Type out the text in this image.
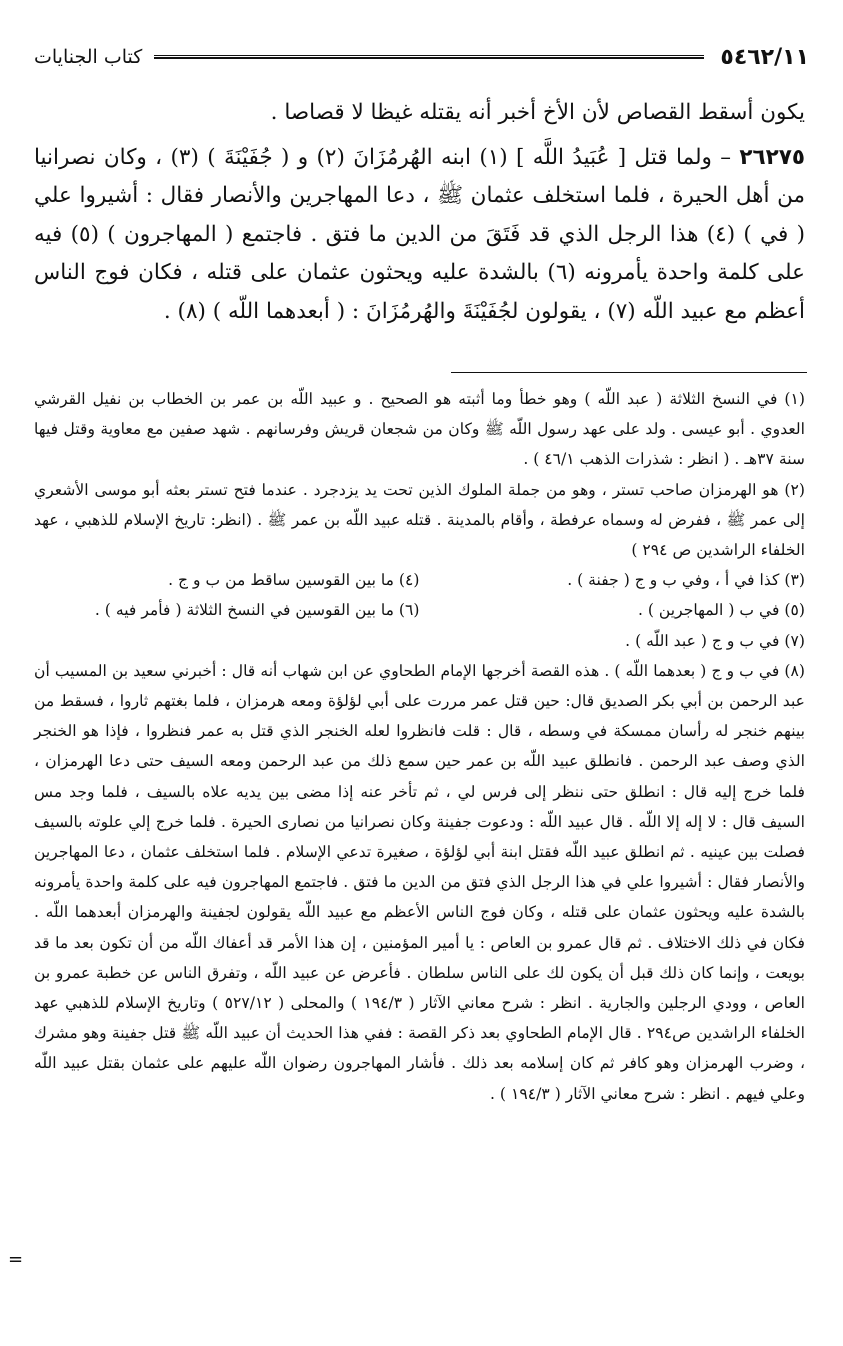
٥٤٦٢/١١
كتاب الجنايات

يكون أسقط القصاص لأن الأخ أخبر أنه يقتله غيظا لا قصاصا .

٢٦٢٧٥ – ولما قتل [ عُبَيدُ اللَّه ] (١) ابنه الهُرمُزَانَ (٢) و ( جُفَيْنَةَ ) (٣) ، وكان نصرانيا من أهل الحيرة ، فلما استخلف عثمان ﷺ ، دعا المهاجرين والأنصار فقال : أشيروا علي ( في ) (٤) هذا الرجل الذي قد فَتَقَ من الدين ما فتق . فاجتمع ( المهاجرون ) (٥) فيه على كلمة واحدة يأمرونه (٦) بالشدة عليه ويحثون عثمان على قتله ، فكان فوج الناس أعظم مع عبيد اللّه (٧) ، يقولون لجُفَيْنَةَ والهُرمُزَانَ : ( أبعدهما اللّه ) (٨) .

(١) في النسخ الثلاثة ( عبد اللّه ) وهو خطأ وما أثبته هو الصحيح . و عبيد اللّه بن عمر بن الخطاب بن نفيل القرشي العدوي . أبو عيسى . ولد على عهد رسول اللّه ﷺ وكان من شجعان قريش وفرسانهم . شهد صفين مع معاوية وقتل فيها سنة ٣٧هـ . ( انظر : شذرات الذهب ٤٦/١ ) .

(٢) هو الهرمزان صاحب تستر ، وهو من جملة الملوك الذين تحت يد يزدجرد . عندما فتح تستر بعثه أبو موسى الأشعري إلى عمر ﷺ ، ففرض له وسماه عرفطة ، وأقام بالمدينة . قتله عبيد اللّه بن عمر ﷺ . (انظر: تاريخ الإسلام للذهبي ، عهد الخلفاء الراشدين ص ٢٩٤ )

(٣) كذا في أ ، وفي ب و ج ( جفنة ) .
(٤) ما بين القوسين ساقط من ب و ج .
(٥) في ب ( المهاجرين ) .
(٦) ما بين القوسين في النسخ الثلاثة ( فأمر فيه ) .

(٧) في ب و ج ( عبد اللّه ) .

(٨) في ب و ج ( بعدهما اللّه ) . هذه القصة أخرجها الإمام الطحاوي عن ابن شهاب أنه قال : أخبرني سعيد بن المسيب أن عبد الرحمن بن أبي بكر الصديق قال: حين قتل عمر مررت على أبي لؤلؤة ومعه هرمزان ، فلما بغتهم ثاروا ، فسقط من بينهم خنجر له رأسان ممسكة في وسطه ، قال : قلت فانظروا لعله الخنجر الذي قتل به عمر فنظروا ، فإذا هو الخنجر الذي وصف عبد الرحمن . فانطلق عبيد اللّه بن عمر حين سمع ذلك من عبد الرحمن ومعه السيف حتى دعا الهرمزان ، فلما خرج إليه قال : انطلق حتى ننظر إلى فرس لي ، ثم تأخر عنه إذا مضى بين يديه علاه بالسيف ، فلما وجد مس السيف قال : لا إله إلا اللّه . قال عبيد اللّه : ودعوت جفينة وكان نصرانيا من نصارى الحيرة . فلما خرج إلي علوته بالسيف فصلت بين عينيه . ثم انطلق عبيد اللّه فقتل ابنة أبي لؤلؤة ، صغيرة تدعي الإسلام . فلما استخلف عثمان ، دعا المهاجرين والأنصار فقال : أشيروا علي في هذا الرجل الذي فتق من الدين ما فتق . فاجتمع المهاجرون فيه على كلمة واحدة يأمرونه بالشدة عليه ويحثون عثمان على قتله ، وكان فوج الناس الأعظم مع عبيد اللّه يقولون لجفينة والهرمزان أبعدهما اللّه . فكان في ذلك الاختلاف . ثم قال عمرو بن العاص : يا أمير المؤمنين ، إن هذا الأمر قد أعفاك اللّه من أن تكون بعد ما قد بويعت ، وإنما كان ذلك قبل أن يكون لك على الناس سلطان . فأعرض عن عبيد اللّه ، وتفرق الناس عن خطبة عمرو بن العاص ، وودي الرجلين والجارية . انظر : شرح معاني الآثار ( ١٩٤/٣ ) والمحلى ( ٥٢٧/١٢ ) وتاريخ الإسلام للذهبي عهد الخلفاء الراشدين ص٢٩٤ . قال الإمام الطحاوي بعد ذكر القصة : ففي هذا الحديث أن عبيد اللّه ﷺ قتل جفينة وهو مشرك ، وضرب الهرمزان وهو كافر ثم كان إسلامه بعد ذلك . فأشار المهاجرون رضوان اللّه عليهم على عثمان بقتل عبيد اللّه وعلي فيهم . انظر : شرح معاني الآثار ( ١٩٤/٣ ) .

=
